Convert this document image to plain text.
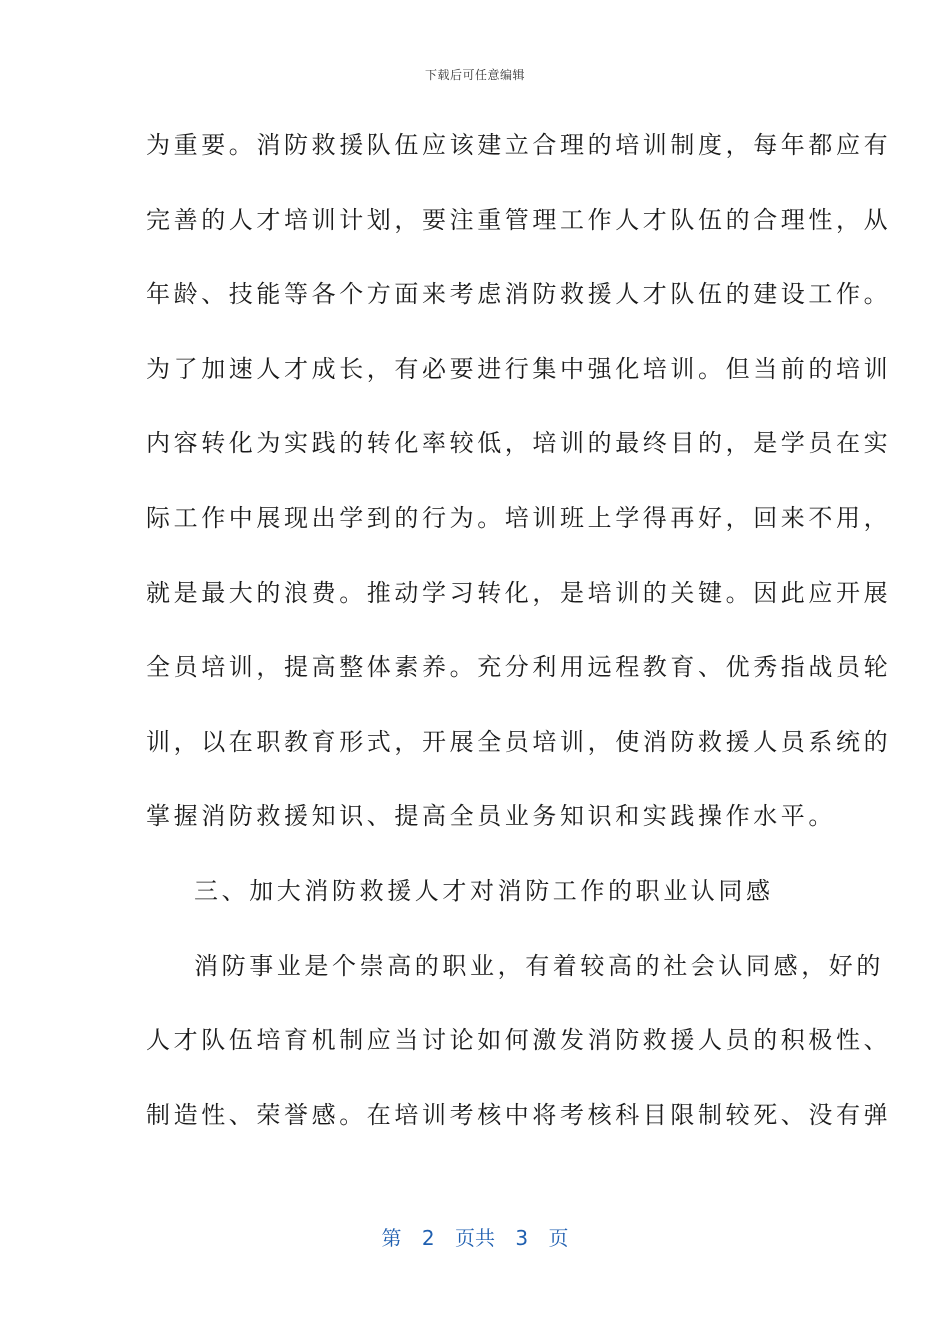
下载后可任意编辑
为重要。消防救援队伍应该建立合理的培训制度，每年都应有
完善的人才培训计划，要注重管理工作人才队伍的合理性，从
年龄、技能等各个方面来考虑消防救援人才队伍的建设工作。
为了加速人才成长，有必要进行集中强化培训。但当前的培训
内容转化为实践的转化率较低，培训的最终目的，是学员在实
际工作中展现出学到的行为。培训班上学得再好，回来不用，
就是最大的浪费。推动学习转化，是培训的关键。因此应开展
全员培训，提高整体素养。充分利用远程教育、优秀指战员轮
训，以在职教育形式，开展全员培训，使消防救援人员系统的
掌握消防救援知识、提高全员业务知识和实践操作水平。
三、加大消防救援人才对消防工作的职业认同感
消防事业是个崇高的职业，有着较高的社会认同感，好的
人才队伍培育机制应当讨论如何激发消防救援人员的积极性、
制造性、荣誉感。在培训考核中将考核科目限制较死、没有弹
第 2 页共 3 页
